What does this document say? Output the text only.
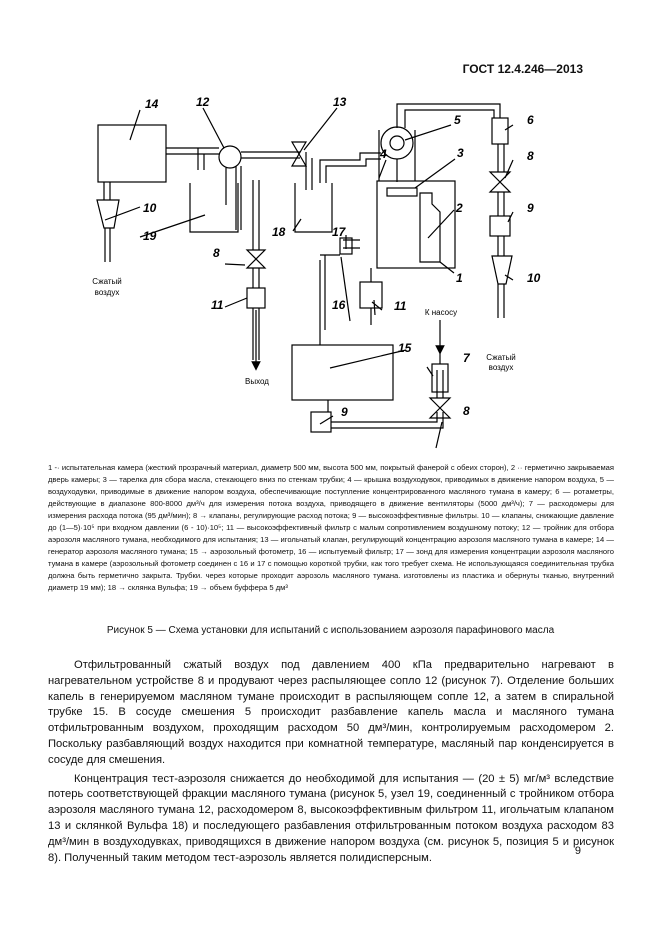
ГОСТ 12.4.246—2013
14	12	13
5	6
3
4	8
10
19	18	17
2	9
8
1	10
11	16	11
15
7
9	8
Сжатый
воздух
Выход
К насосу
Сжатый
воздух
1 -· испытательная камера (жесткий прозрачный материал, диаметр 500 мм, высота 500 мм, покрытый фанерой с обеих сторон), 2 ·· герметично закрываемая дверь камеры; 3 — тарелка для сбора масла, стекающего вниз по стенкам трубки; 4 — крышка воздуходувок, приводимых в движение напором воздуха, 5 — воздуходувки, приводимые в движение напором воздуха, обеспечивающие поступление концентрированного масляного тумана в камеру; 6 — ротаметры, действующие в диапазоне 800-8000 дм³/ч для измерения потока воздуха, приводящего в движение вентиляторы (5000 дм³/ч); 7 — расходомеры для измерения расхода потока (95 дм³/мин); 8 → клапаны, регулирующие расход потока; 9 — высокоэффективные фильтры. 10 — клапаны, снижающие давление до (1—5)·10⁵ при входном давлении (6 - 10)·10⁵; 11 — высокоэффективный фильтр с малым сопротивлением воздушному потоку; 12 — тройник для отбора аэрозоля масляного тумана, необходимого для испытания; 13 — игольчатый клапан, регулирующий концентрацию аэрозоля масляного тумана в камере; 14 — генератор аэрозоля масляного тумана; 15 → аэрозольный фотометр, 16 — испытуемый фильтр; 17 — зонд для измерения концентрации аэрозоля масляного тумана в камере (аэрозольный фотометр соединен с 16 и 17 с помощью короткой трубки, как того требует схема. Не использующаяся соединительная трубка должна быть герметично закрыта. Трубки. через которые проходит аэрозоль масляного тумана. изготовлены из пластика и обернуты тканью, внутренний диаметр 19 мм); 18 → склянка Вульфа; 19 → объем буффера 5 дм³
Рисунок 5 — Схема установки для испытаний с использованием аэрозоля парафинового масла

Отфильтрованный сжатый воздух под давлением 400 кПа предварительно нагревают в нагревательном устройстве 8 и продувают через распыляющее сопло 12 (рисунок 7). Отделение больших капель в генерируемом масляном тумане происходит в распыляющем сопле 12, а затем в спиральной трубке 15. В сосуде смешения 5 происходит разбавление капель масла и масляного тумана отфильтрованным воздухом, проходящим расходом 50 дм³/мин, контролируемым расходомером 2. Поскольку разбавляющий воздух находится при комнатной температуре, масляный пар конденсируется в сосуде для смешения.

Концентрация тест-аэрозоля снижается до необходимой для испытания — (20 ± 5) мг/м³ вследствие потерь соответствующей фракции масляного тумана (рисунок 5, узел 19, соединенный с тройником отбора аэрозоля масляного тумана 12, расходомером 8, высокоэффективным фильтром 11, игольчатым клапаном 13 и склянкой Вульфа 18) и последующего разбавления отфильтрованным потоком воздуха расходом 83 дм³/мин в воздуходувках, приводящихся в движение напором воздуха (см. рисунок 5, позиция 5 и рисунок 8). Полученный таким методом тест-аэрозоль является полидисперсным.

9
